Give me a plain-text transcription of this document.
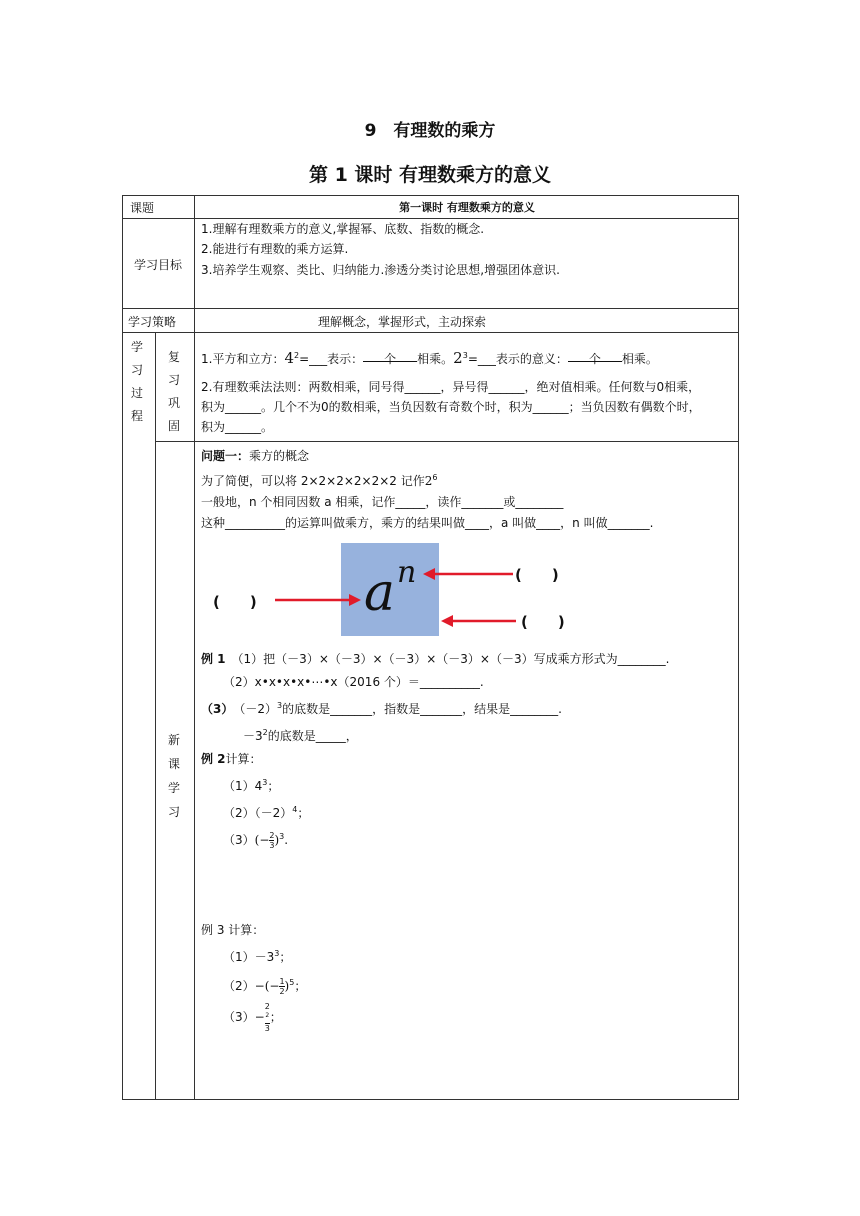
9　有理数的乘方
第 1 课时 有理数乘方的意义
课题
学习目标
学习策略
学习过程
复习巩固
新课学习
第一课时 有理数乘方的意义
1.理解有理数乘方的意义,掌握幂、底数、指数的概念.
2.能进行有理数的乘方运算.
3.培养学生观察、类比、归纳能力.渗透分类讨论思想,增强团体意识.
理解概念，掌握形式，主动探索
1.平方和立方：$4^2=\_\_\_$表示： 个 相乘。$2^3=\_\_\_$表示的意义： 个 相乘。
2.有理数乘法法则：两数相乘，同号得______，异号得______，绝对值相乘。任何数与0相乘，
积为______。几个不为0的数相乘，当负因数有奇数个时，积为______；当负因数有偶数个时，
积为______。
问题一：乘方的概念
为了简便，可以将 2×2×2×2×2×2 记作$2^6$
一般地，n 个相同因数 a 相乘，记作_____，读作_______或________
这种__________的运算叫做乘方，乘方的结果叫做____，a 叫做____，n 叫做_______.
a n
(　　)
(　　)
(　　)
例 1　 （1）把（－3）×（－3）×（－3）×（－3）×（－3）写成乘方形式为________.
（2）x•x•x•x•⋯•x（2016 个）＝__________.
（3）　 $(-2)^3$的底数是_______，指数是_______，结果是________.
$-3^2$的底数是_____，
例 2计算：
$(1)4^3$；
$(2)(-2)^4$；
$(3)(- \frac{2}{3} )^3$.
例 3 计算：
$(1)-3^3$；
$(2)-(- \frac{1}{2} )^5$；
（3）− 2
$^2$
3 ；
